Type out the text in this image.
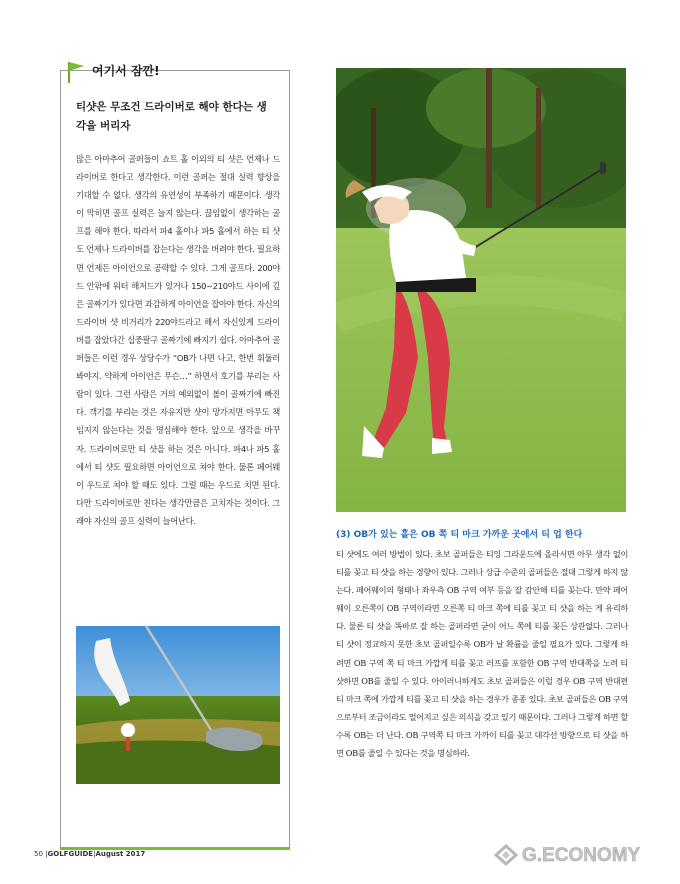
여기서 잠깐!
티샷은 무조건 드라이버로 해야 한다는 생각을 버리자
많은 아마추어 골퍼들이 쇼트 홀 이외의 티 샷은 언제나 드라이버로 한다고 생각한다. 이런 골퍼는 절대 실력 향상을 기대할 수 없다. 생각의 유연성이 부족하기 때문이다. 생각이 막히면 골프 실력은 늘지 않는다. 끊임없이 생각하는 골프를 해야 한다. 따라서 파4 홀이나 파5 홀에서 하는 티 샷도 언제나 드라이버를 잡는다는 생각을 버려야 한다. 필요하면 언제든 아이언으로 공략할 수 있다. 그게 골프다. 200야드 안팎에 워터 해저드가 있거나 150~210야드 사이에 깊은 골짜기가 있다면 과감하게 아이언을 잡아야 한다. 자신의 드라이버 샷 비거리가 220야드라고 해서 자신있게 드라이버를 잡았다간 십중팔구 골짜기에 빠지기 쉽다. 아마추어 골퍼들은 이런 경우 상당수가 “OB가 나면 나고, 한번 휘둘러 봐야지. 약하게 아이언은 무슨…” 하면서 호기를 부리는 사람이 있다. 그런 사람은 거의 예외없이 볼이 골짜기에 빠진다. 객기를 부리는 것은 자유지만 샷이 망가지면 아무도 책임지지 않는다는 것을 명심해야 한다. 앞으로 생각을 바꾸자. 드라이버로만 티 샷을 하는 것은 아니다. 파4나 파5 홀에서 티 샷도 필요하면 아이언으로 쳐야 한다. 물론 페어웨이 우드로 쳐야 할 때도 있다. 그럴 때는 우드로 치면 된다. 다만 드라이버로만 친다는 생각만큼은 고치자는 것이다. 그래야 자신의 골프 실력이 늘어난다.
(3) OB가 있는 홀은 OB 쪽 티 마크 가까운 곳에서 티 업 한다
티 샷에도 여러 방법이 있다. 초보 골퍼들은 티잉 그라운드에 올라서면 아무 생각 없이 티를 꽂고 티 샷을 하는 경향이 있다. 그러나 상급 수준의 골퍼들은 절대 그렇게 하지 않는다. 페어웨이의 형태나 좌우측 OB 구역 여부 등을 잘 감안해 티를 꽂는다. 만약 페어웨이 오른쪽이 OB 구역이라면 오른쪽 티 마크 쪽에 티를 꽂고 티 샷을 하는 게 유리하다. 물론 티 샷을 똑바로 잘 하는 골퍼라면 굳이 어느 쪽에 티를 꽂든 상관없다. 그러나 티 샷이 정교하지 못한 초보 골퍼일수록 OB가 날 확률을 줄일 필요가 있다. 그렇게 하려면 OB 구역 쪽 티 마크 가깝게 티를 꽂고 러프를 포함한 OB 구역 반대쪽을 노려 티 샷하면 OB를 줄일 수 있다. 아이러니하게도 초보 골퍼들은 이럴 경우 OB 구역 반대편 티 마크 쪽에 가깝게 티를 꽂고 티 샷을 하는 경우가 종종 있다. 초보 골퍼들은 OB 구역으로부터 조금이라도 멀어지고 싶은 의식을 갖고 있기 때문이다. 그러나 그렇게 하면 할수록 OB는 더 난다. OB 구역쪽 티 마크 가까이 티를 꽂고 대각선 방향으로 티 샷을 하면 OB를 줄일 수 있다는 것을 명심하라.
50 |GOLFGUIDE|August 2017	G.ECONOMY
